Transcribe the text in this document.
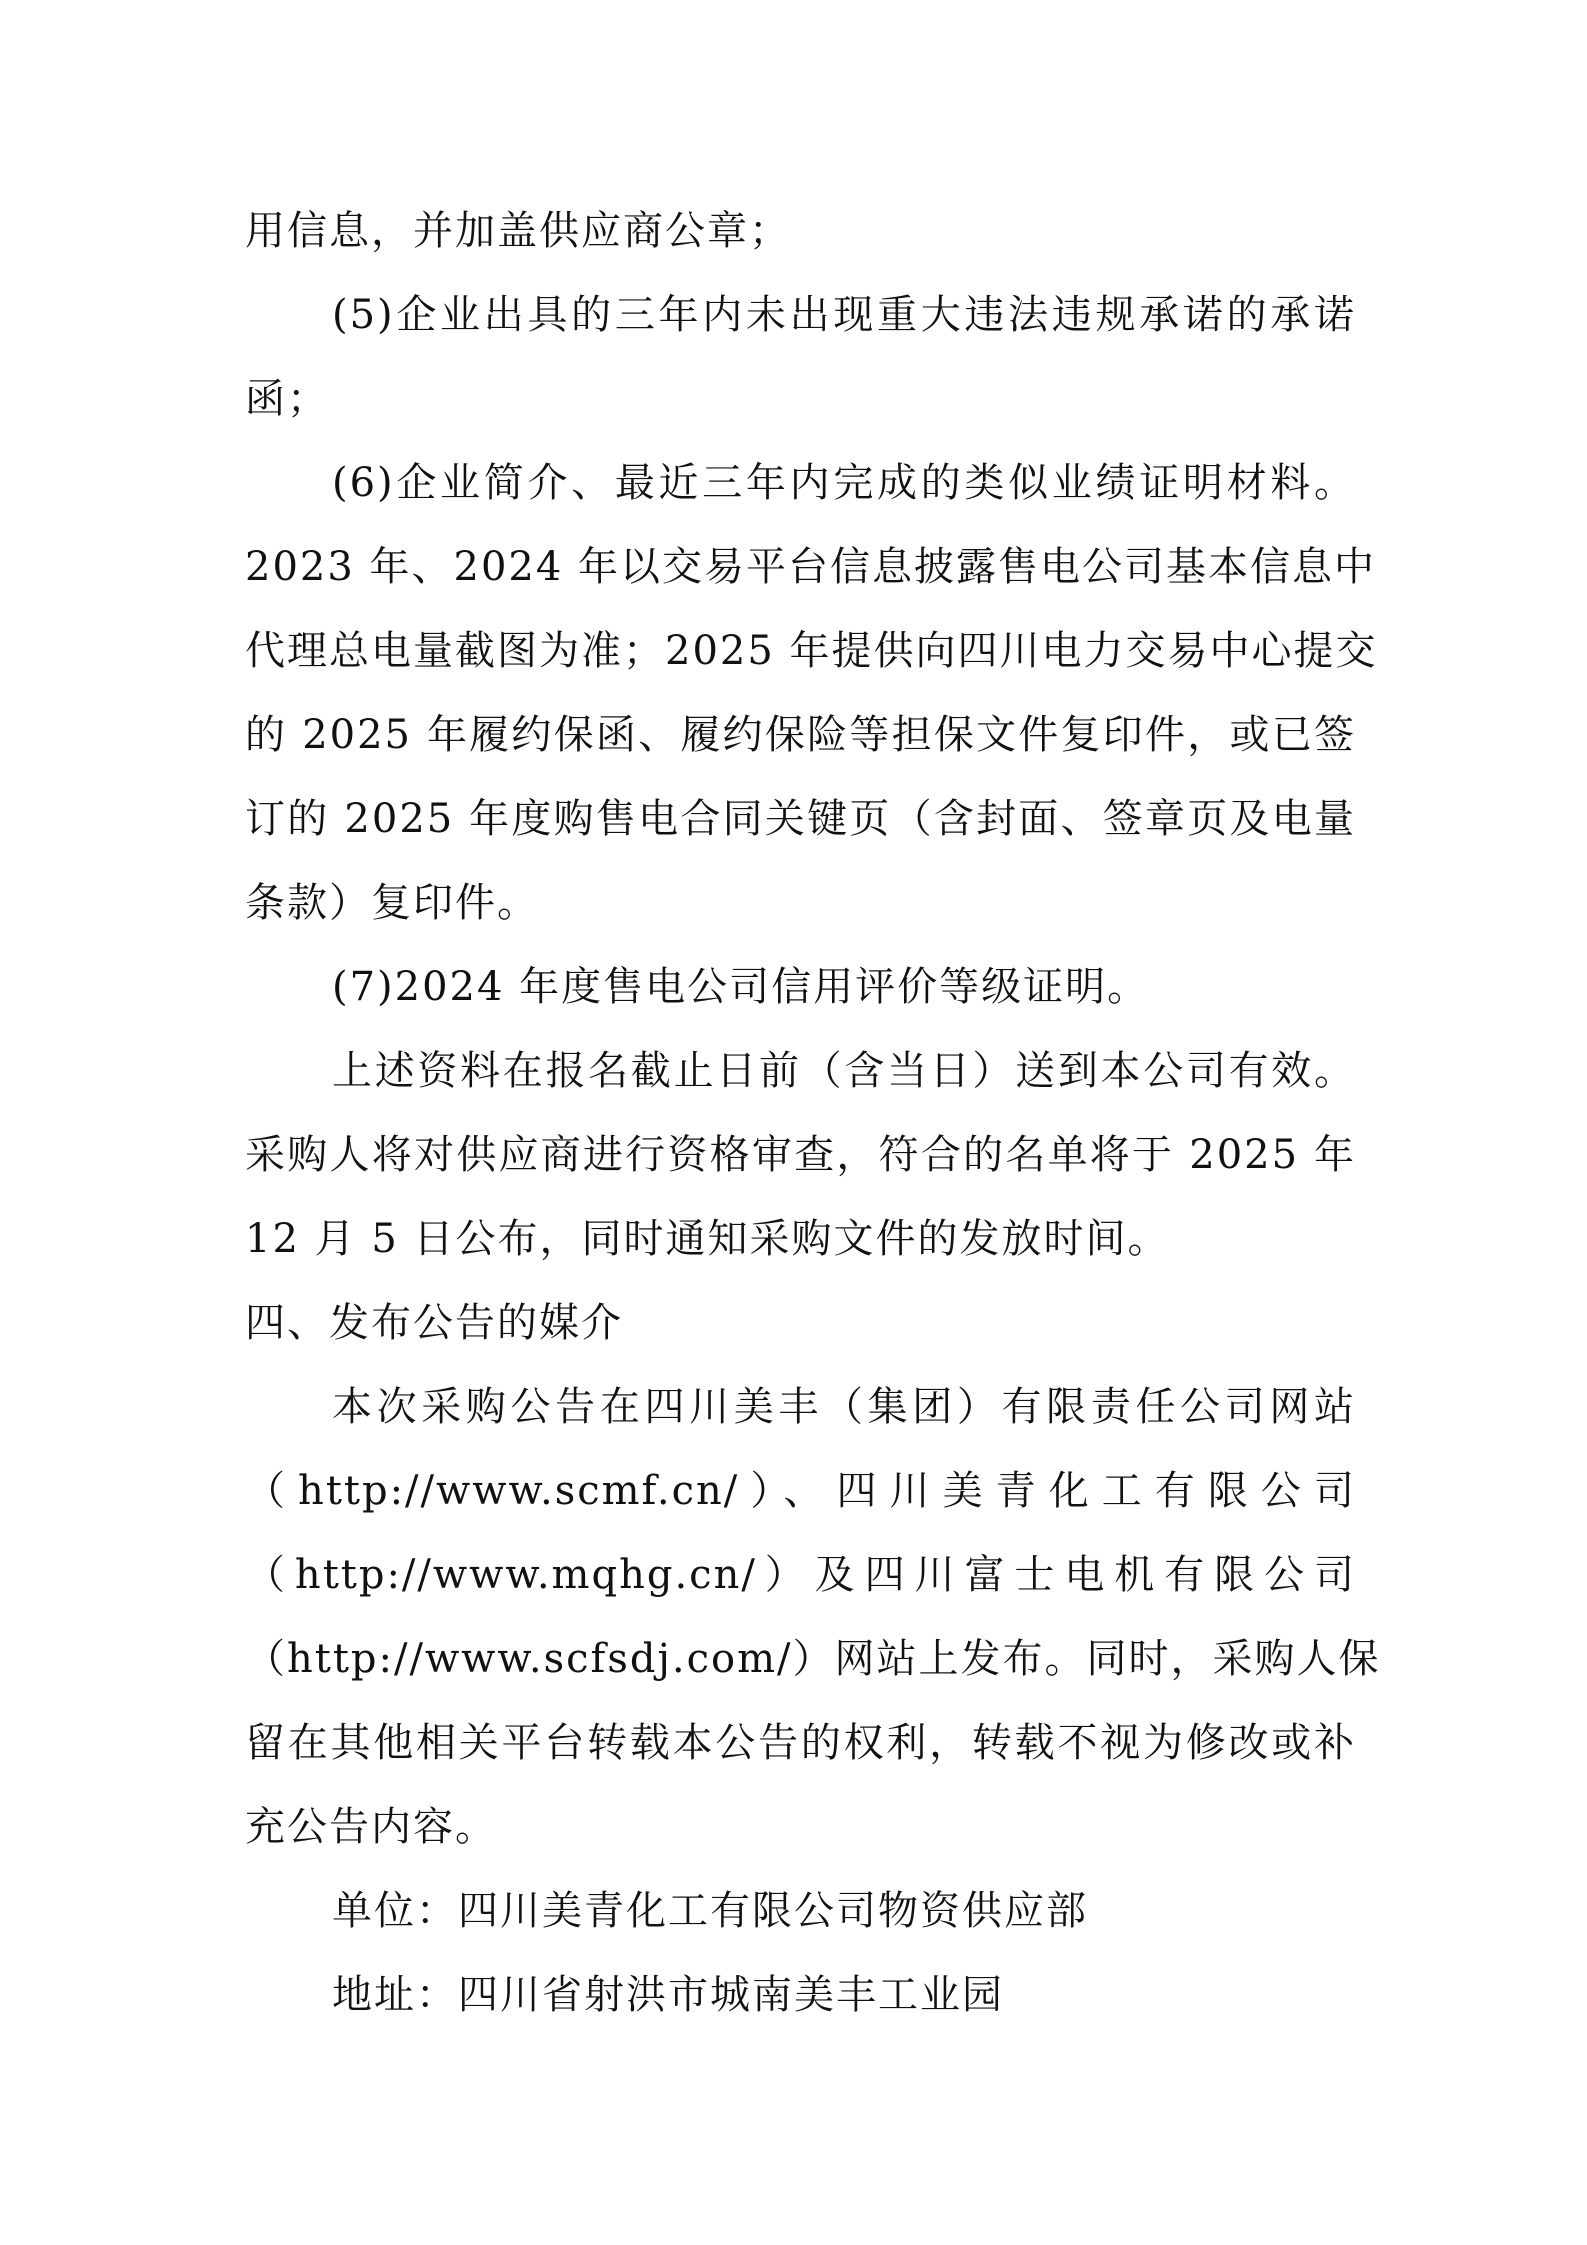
用信息，并加盖供应商公章；
(5)企业出具的三年内未出现重大违法违规承诺的承诺
函；
(6)企业简介、最近三年内完成的类似业绩证明材料。
2023 年、2024 年以交易平台信息披露售电公司基本信息中
代理总电量截图为准；2025 年提供向四川电力交易中心提交
的 2025 年履约保函、履约保险等担保文件复印件，或已签
订的 2025 年度购售电合同关键页（含封面、签章页及电量
条款）复印件。
(7)2024 年度售电公司信用评价等级证明。
上述资料在报名截止日前（含当日）送到本公司有效。
采购人将对供应商进行资格审查，符合的名单将于 2025 年
12 月 5 日公布，同时通知采购文件的发放时间。
四、发布公告的媒介
本次采购公告在四川美丰（集团）有限责任公司网站
（http://www.scmf.cn/）、四川美青化工有限公司
（http://www.mqhg.cn/）及四川富士电机有限公司
（http://www.scfsdj.com/）网站上发布。同时，采购人保
留在其他相关平台转载本公告的权利，转载不视为修改或补
充公告内容。
单位：四川美青化工有限公司物资供应部
地址：四川省射洪市城南美丰工业园
